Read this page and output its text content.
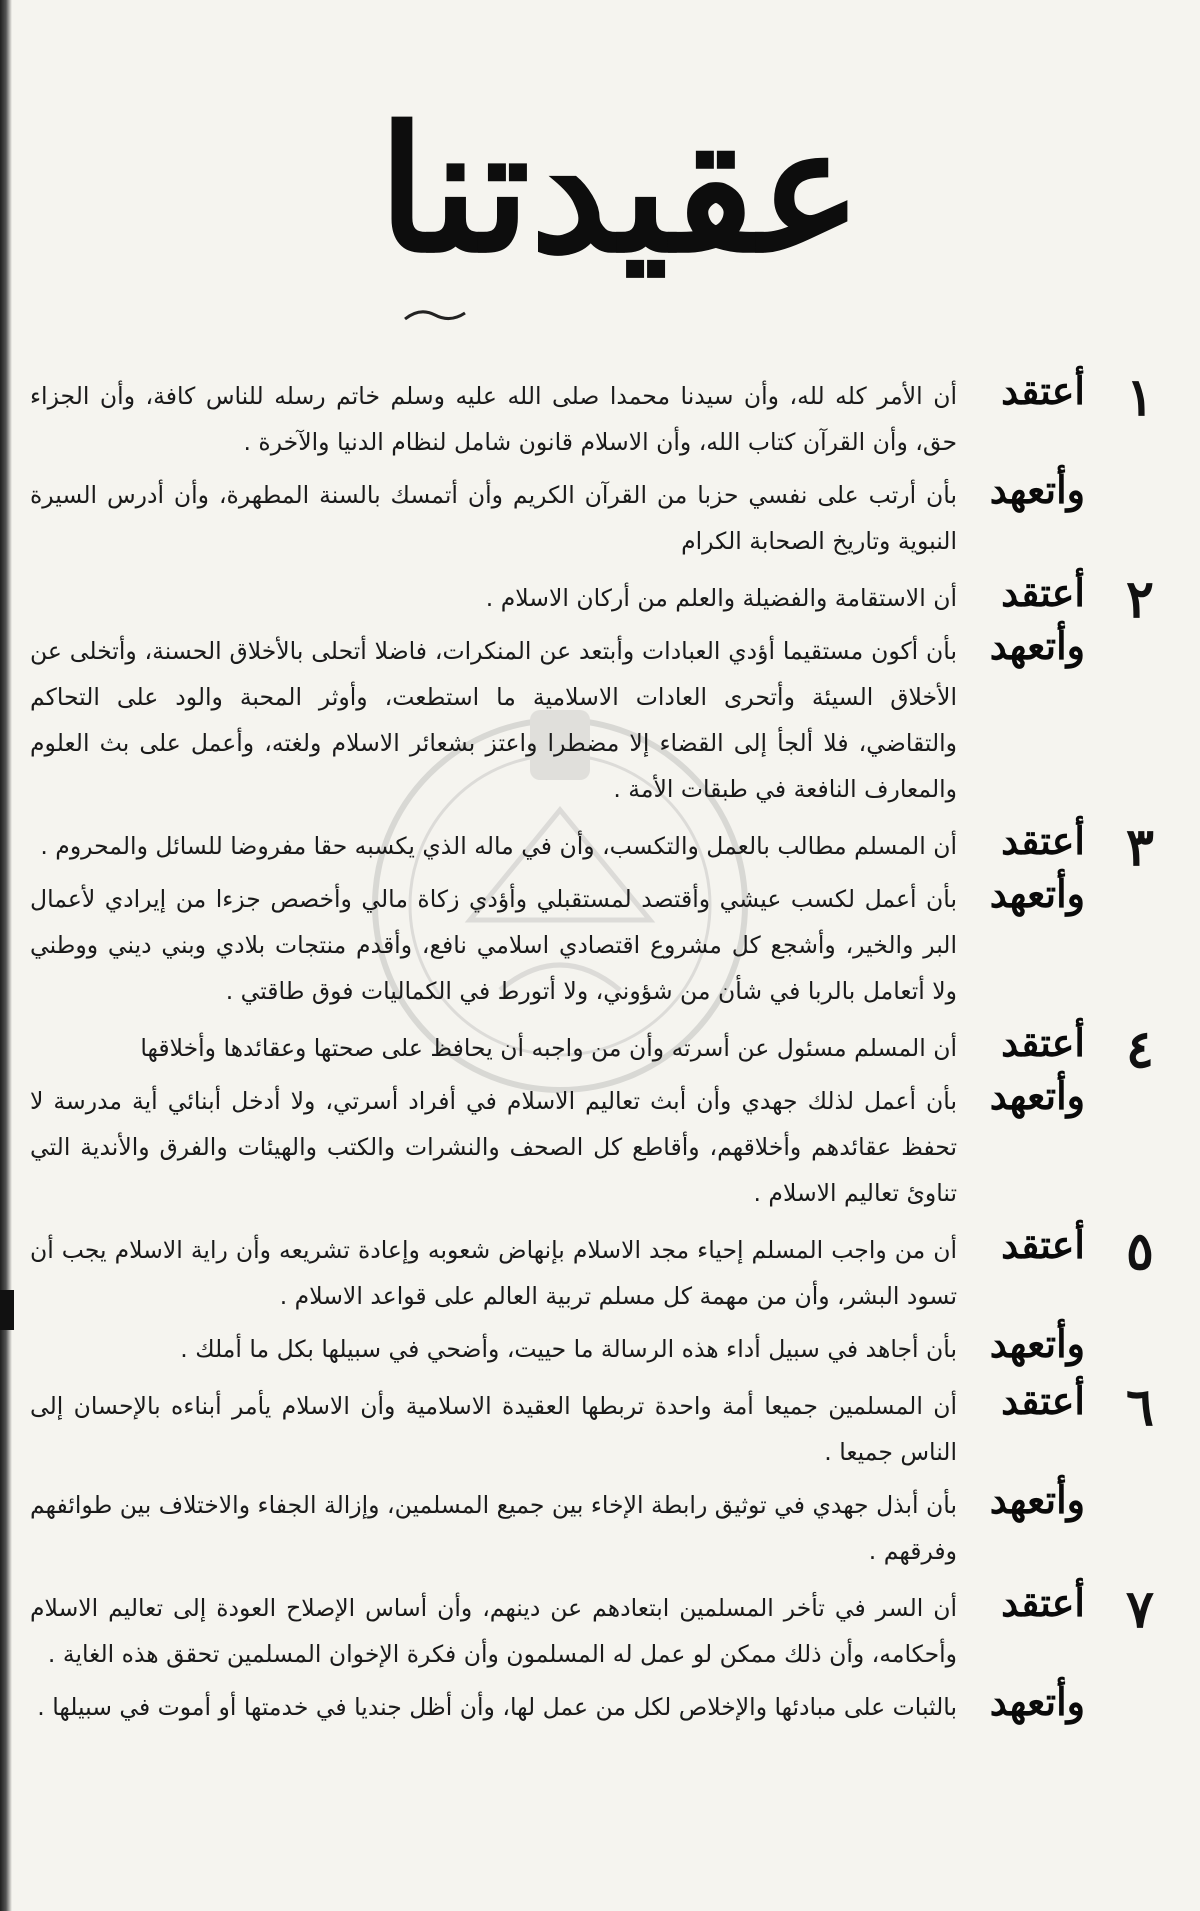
عقيدتنا
١
أعتقد
أن الأمر كله لله، وأن سيدنا محمدا صلى الله عليه وسلم خاتم رسله للناس كافة، وأن الجزاء حق، وأن القرآن كتاب الله، وأن الاسلام قانون شامل لنظام الدنيا والآخرة .
وأتعهد
بأن أرتب على نفسي حزبا من القرآن الكريم وأن أتمسك بالسنة المطهرة، وأن أدرس السيرة النبوية وتاريخ الصحابة الكرام
٢
أعتقد
أن الاستقامة والفضيلة والعلم من أركان الاسلام .
وأتعهد
بأن أكون مستقيما أؤدي العبادات وأبتعد عن المنكرات، فاضلا أتحلى بالأخلاق الحسنة، وأتخلى عن الأخلاق السيئة وأتحرى العادات الاسلامية ما استطعت، وأوثر المحبة والود على التحاكم والتقاضي، فلا ألجأ إلى القضاء إلا مضطرا واعتز بشعائر الاسلام ولغته، وأعمل على بث العلوم والمعارف النافعة في طبقات الأمة .
٣
أعتقد
أن المسلم مطالب بالعمل والتكسب، وأن في ماله الذي يكسبه حقا مفروضا للسائل والمحروم .
وأتعهد
بأن أعمل لكسب عيشي وأقتصد لمستقبلي وأؤدي زكاة مالي وأخصص جزءا من إيرادي لأعمال البر والخير، وأشجع كل مشروع اقتصادي اسلامي نافع، وأقدم منتجات بلادي وبني ديني ووطني ولا أتعامل بالربا في شأن من شؤوني، ولا أتورط في الكماليات فوق طاقتي .
٤
أعتقد
أن المسلم مسئول عن أسرته وأن من واجبه أن يحافظ على صحتها وعقائدها وأخلاقها
وأتعهد
بأن أعمل لذلك جهدي وأن أبث تعاليم الاسلام في أفراد أسرتي، ولا أدخل أبنائي أية مدرسة لا تحفظ عقائدهم وأخلاقهم، وأقاطع كل الصحف والنشرات والكتب والهيئات والفرق والأندية التي تناوئ تعاليم الاسلام .
٥
أعتقد
أن من واجب المسلم إحياء مجد الاسلام بإنهاض شعوبه وإعادة تشريعه وأن راية الاسلام يجب أن تسود البشر، وأن من مهمة كل مسلم تربية العالم على قواعد الاسلام .
وأتعهد
بأن أجاهد في سبيل أداء هذه الرسالة ما حييت، وأضحي في سبيلها بكل ما أملك .
٦
أعتقد
أن المسلمين جميعا أمة واحدة تربطها العقيدة الاسلامية وأن الاسلام يأمر أبناءه بالإحسان إلى الناس جميعا .
وأتعهد
بأن أبذل جهدي في توثيق رابطة الإخاء بين جميع المسلمين، وإزالة الجفاء والاختلاف بين طوائفهم وفرقهم .
٧
أعتقد
أن السر في تأخر المسلمين ابتعادهم عن دينهم، وأن أساس الإصلاح العودة إلى تعاليم الاسلام وأحكامه، وأن ذلك ممكن لو عمل له المسلمون وأن فكرة الإخوان المسلمين تحقق هذه الغاية .
وأتعهد
بالثبات على مبادئها والإخلاص لكل من عمل لها، وأن أظل جنديا في خدمتها أو أموت في سبيلها .
